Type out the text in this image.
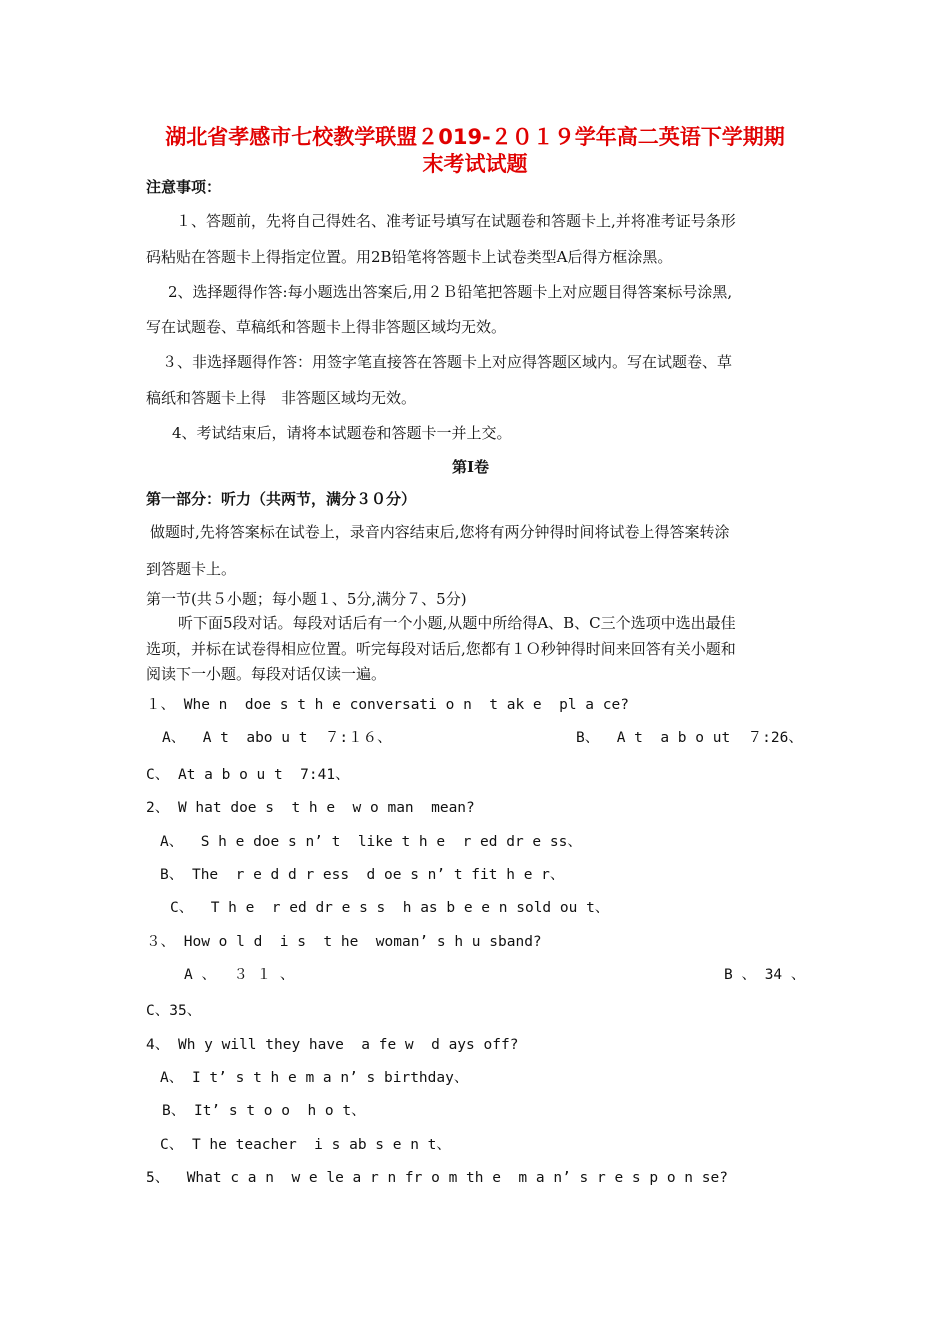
湖北省孝感市七校教学联盟２019-２０１９学年高二英语下学期期
末考试试题
注意事项：
１、答题前，先将自己得姓名、准考证号填写在试题卷和答题卡上,并将准考证号条形
码粘贴在答题卡上得指定位置。用2B铅笔将答题卡上试卷类型A后得方框涂黑。
2、选择题得作答:每小题选出答案后,用２Ｂ铅笔把答题卡上对应题目得答案标号涂黑,
写在试题卷、草稿纸和答题卡上得非答题区域均无效。
３、非选择题得作答：用签字笔直接答在答题卡上对应得答题区域内。写在试题卷、草
稿纸和答题卡上得　非答题区域均无效。
4、考试结束后，请将本试题卷和答题卡一并上交。
第Ⅰ卷
第一部分：听力（共两节，满分３０分）
做题时,先将答案标在试卷上，录音内容结束后,您将有两分钟得时间将试卷上得答案转涂
到答题卡上。
第一节(共５小题；每小题１、5分,满分７、5分)
听下面5段对话。每段对话后有一个小题,从题中所给得A、B、C三个选项中选出最佳
选项，并标在试卷得相应位置。听完每段对话后,您都有１Ｏ秒钟得时间来回答有关小题和
阅读下一小题。每段对话仅读一遍。
１、 Whe n  doe s t h e conversati o n  t ak e  pl a ce?
A、  A t  abo u t  ７:１６、	B、  A t  a b o ut  ７:26、
C、 At a b o u t  7:41、
2、 W hat doe s  t h e  w o man  mean?
A、  S h e doe s n’ t  like t h e  r ed dr e ss、
B、 The  r e d d r ess  d oe s n’ t fit h e r、
C、  T h e  r ed dr e s s  h as b e e n sold ou t、
３、 How o l d  i s  t he  woman’ s h u sband?
A 、  ３ １ 、	B 、 34 、
C、35、
4、 Wh y will they have  a fe w  d ays off?
A、 I t’ s t h e m a n’ s birthday、
B、 It’ s t o o  h o t、
C、 T he teacher  i s ab s e n t、
5、  What c a n  w e le a r n fr o m th e  m a n’ s r e s p o n se?
